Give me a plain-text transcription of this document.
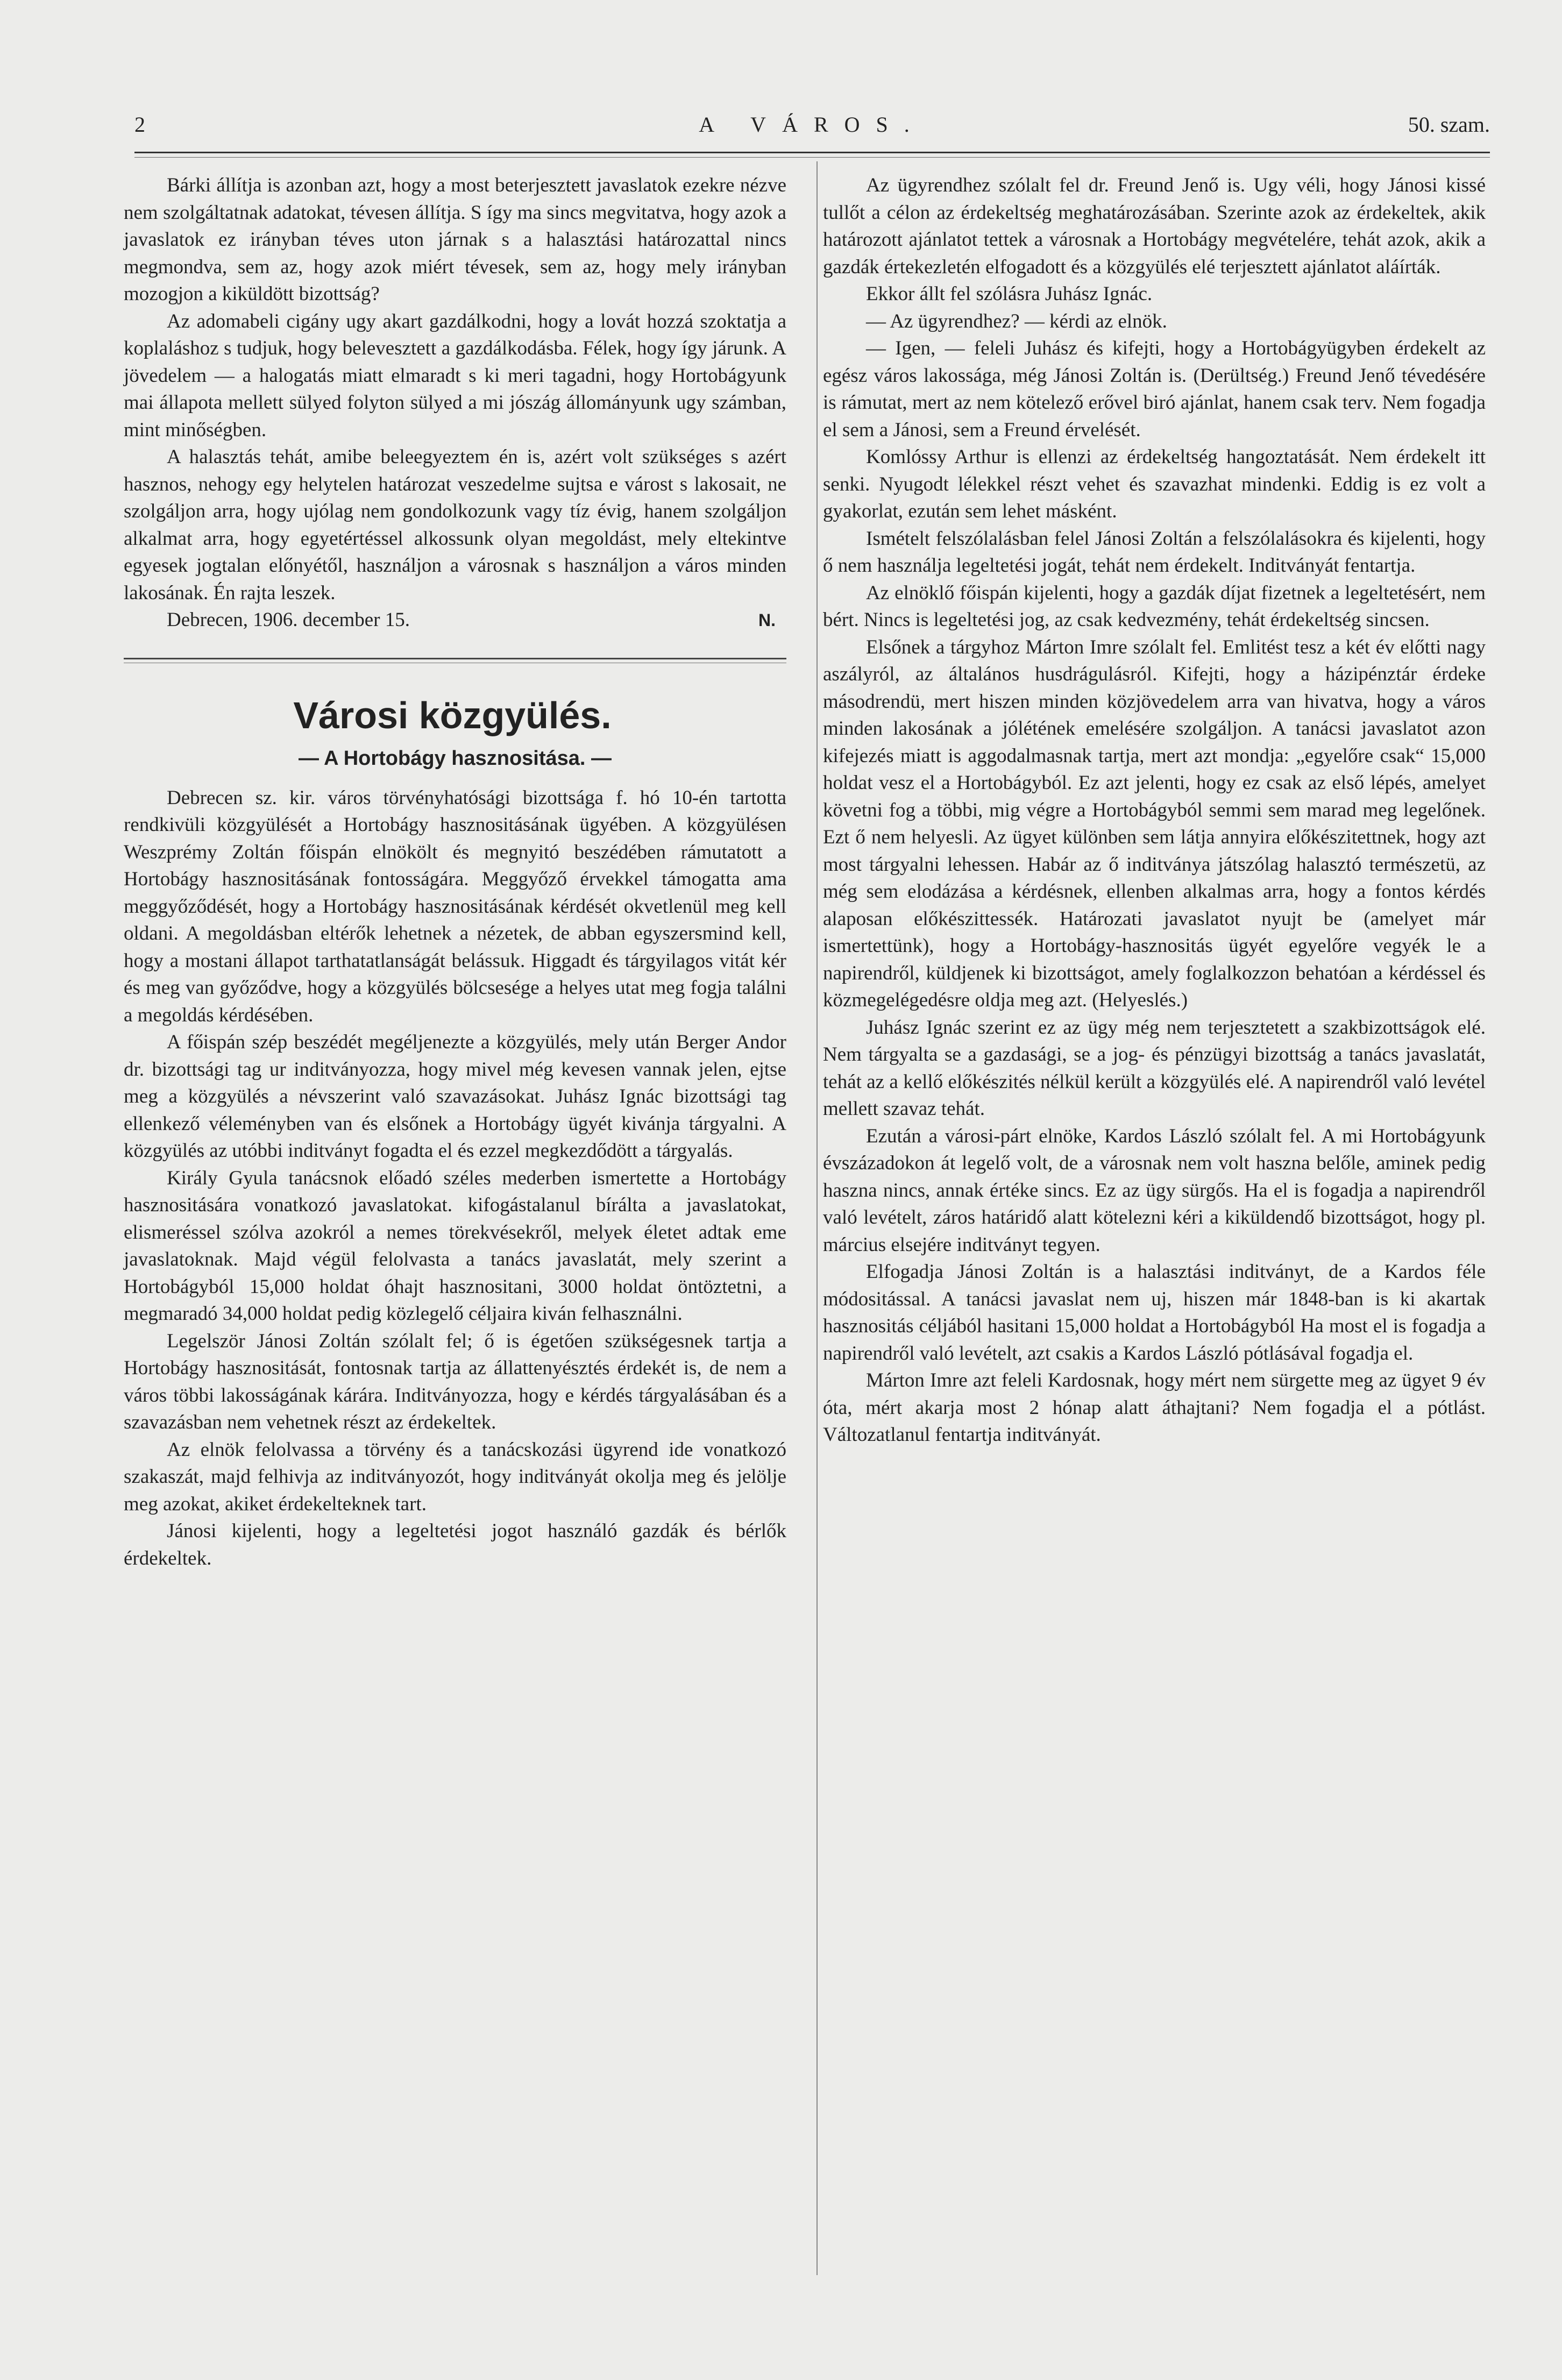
2	A VÁROS.	50. szam.

Bárki állítja is azonban azt, hogy a most beterjesztett javaslatok ezekre nézve nem szolgáltatnak adatokat, tévesen állítja. S így ma sincs megvitatva, hogy azok a javaslatok ez irányban téves uton járnak s a halasztási határozattal nincs megmondva, sem az, hogy azok miért tévesek, sem az, hogy mely irányban mozogjon a kiküldött bizottság?

Az adomabeli cigány ugy akart gazdálkodni, hogy a lovát hozzá szoktatja a koplaláshoz s tudjuk, hogy belevesztett a gazdálkodásba. Félek, hogy így járunk. A jövedelem — a halogatás miatt elmaradt s ki meri tagadni, hogy Hortobágyunk mai állapota mellett sülyed folyton sülyed a mi jószág állományunk ugy számban, mint minőségben.

A halasztás tehát, amibe beleegyeztem én is, azért volt szükséges s azért hasznos, nehogy egy helytelen határozat veszedelme sujtsa e várost s lakosait, ne szolgáljon arra, hogy ujólag nem gondolkozunk vagy tíz évig, hanem szolgáljon alkalmat arra, hogy egyetértéssel alkossunk olyan megoldást, mely eltekintve egyesek jogtalan előnyétől, használjon a városnak s használjon a város minden lakosának. Én rajta leszek.

Debrecen, 1906. december 15.	N.
Városi közgyülés.
— A Hortobágy hasznositása. —

Debrecen sz. kir. város törvényhatósági bizottsága f. hó 10-én tartotta rendkivüli közgyülését a Hortobágy hasznositásának ügyében. A közgyülésen Weszprémy Zoltán főispán elnökölt és megnyitó beszédében rámutatott a Hortobágy hasznositásának fontosságára. Meggyőző érvekkel támogatta ama meggyőződését, hogy a Hortobágy hasznositásának kérdését okvetlenül meg kell oldani. A megoldásban eltérők lehetnek a nézetek, de abban egyszersmind kell, hogy a mostani állapot tarthatatlanságát belássuk. Higgadt és tárgyilagos vitát kér és meg van győződve, hogy a közgyülés bölcsesége a helyes utat meg fogja találni a megoldás kérdésében.

A főispán szép beszédét megéljenezte a közgyülés, mely után Berger Andor dr. bizottsági tag ur inditványozza, hogy mivel még kevesen vannak jelen, ejtse meg a közgyülés a névszerint való szavazásokat. Juhász Ignác bizottsági tag ellenkező véleményben van és elsőnek a Hortobágy ügyét kivánja tárgyalni. A közgyülés az utóbbi inditványt fogadta el és ezzel megkezdődött a tárgyalás.

Király Gyula tanácsnok előadó széles mederben ismertette a Hortobágy hasznositására vonatkozó javaslatokat. kifogástalanul bírálta a javaslatokat, elismeréssel szólva azokról a nemes törekvésekről, melyek életet adtak eme javaslatoknak. Majd végül felolvasta a tanács javaslatát, mely szerint a Hortobágyból 15,000 holdat óhajt hasznositani, 3000 holdat öntöztetni, a megmaradó 34,000 holdat pedig közlegelő céljaira kiván felhasználni.

Legelször Jánosi Zoltán szólalt fel; ő is égetően szükségesnek tartja a Hortobágy hasznositását, fontosnak tartja az állattenyésztés érdekét is, de nem a város többi lakosságának kárára. Inditványozza, hogy e kérdés tárgyalásában és a szavazásban nem vehetnek részt az érdekeltek.

Az elnök felolvassa a törvény és a tanácskozási ügyrend ide vonatkozó szakaszát, majd felhivja az inditványozót, hogy inditványát okolja meg és jelölje meg azokat, akiket érdekelteknek tart.

Jánosi kijelenti, hogy a legeltetési jogot használó gazdák és bérlők érdekeltek.

Az ügyrendhez szólalt fel dr. Freund Jenő is. Ugy véli, hogy Jánosi kissé tullőt a célon az érdekeltség meghatározásában. Szerinte azok az érdekeltek, akik határozott ajánlatot tettek a városnak a Hortobágy megvételére, tehát azok, akik a gazdák értekezletén elfogadott és a közgyülés elé terjesztett ajánlatot aláírták.

Ekkor állt fel szólásra Juhász Ignác.

— Az ügyrendhez? — kérdi az elnök.

— Igen, — feleli Juhász és kifejti, hogy a Hortobágyügyben érdekelt az egész város lakossága, még Jánosi Zoltán is. (Derültség.) Freund Jenő tévedésére is rámutat, mert az nem kötelező erővel biró ajánlat, hanem csak terv. Nem fogadja el sem a Jánosi, sem a Freund érvelését.

Komlóssy Arthur is ellenzi az érdekeltség hangoztatását. Nem érdekelt itt senki. Nyugodt lélekkel részt vehet és szavazhat mindenki. Eddig is ez volt a gyakorlat, ezután sem lehet másként.

Ismételt felszólalásban felel Jánosi Zoltán a felszólalásokra és kijelenti, hogy ő nem használja legeltetési jogát, tehát nem érdekelt. Inditványát fentartja.

Az elnöklő főispán kijelenti, hogy a gazdák díjat fizetnek a legeltetésért, nem bért. Nincs is legeltetési jog, az csak kedvezmény, tehát érdekeltség sincsen.

Elsőnek a tárgyhoz Márton Imre szólalt fel. Emlitést tesz a két év előtti nagy aszályról, az általános husdrágulásról. Kifejti, hogy a házipénztár érdeke másodrendü, mert hiszen minden közjövedelem arra van hivatva, hogy a város minden lakosának a jólétének emelésére szolgáljon. A tanácsi javaslatot azon kifejezés miatt is aggodalmasnak tartja, mert azt mondja: „egyelőre csak“ 15,000 holdat vesz el a Hortobágyból. Ez azt jelenti, hogy ez csak az első lépés, amelyet követni fog a többi, mig végre a Hortobágyból semmi sem marad meg legelőnek. Ezt ő nem helyesli. Az ügyet különben sem látja annyira előkészitettnek, hogy azt most tárgyalni lehessen. Habár az ő inditványa játszólag halasztó természetü, az még sem elodázása a kérdésnek, ellenben alkalmas arra, hogy a fontos kérdés alaposan előkészittessék. Határozati javaslatot nyujt be (amelyet már ismertettünk), hogy a Hortobágy-hasznositás ügyét egyelőre vegyék le a napirendről, küldjenek ki bizottságot, amely foglalkozzon behatóan a kérdéssel és közmegelégedésre oldja meg azt. (Helyeslés.)

Juhász Ignác szerint ez az ügy még nem terjesztetett a szakbizottságok elé. Nem tárgyalta se a gazdasági, se a jog- és pénzügyi bizottság a tanács javaslatát, tehát az a kellő előkészités nélkül került a közgyülés elé. A napirendről való levétel mellett szavaz tehát.

Ezután a városi-párt elnöke, Kardos László szólalt fel. A mi Hortobágyunk évszázadokon át legelő volt, de a városnak nem volt haszna belőle, aminek pedig haszna nincs, annak értéke sincs. Ez az ügy sürgős. Ha el is fogadja a napirendről való levételt, záros határidő alatt kötelezni kéri a kiküldendő bizottságot, hogy pl. március elsejére inditványt tegyen.

Elfogadja Jánosi Zoltán is a halasztási inditványt, de a Kardos féle módositással. A tanácsi javaslat nem uj, hiszen már 1848-ban is ki akartak hasznositás céljából hasitani 15,000 holdat a Hortobágyból Ha most el is fogadja a napirendről való levételt, azt csakis a Kardos László pótlásával fogadja el.

Márton Imre azt feleli Kardosnak, hogy mért nem sürgette meg az ügyet 9 év óta, mért akarja most 2 hónap alatt áthajtani? Nem fogadja el a pótlást. Változatlanul fentartja inditványát.
